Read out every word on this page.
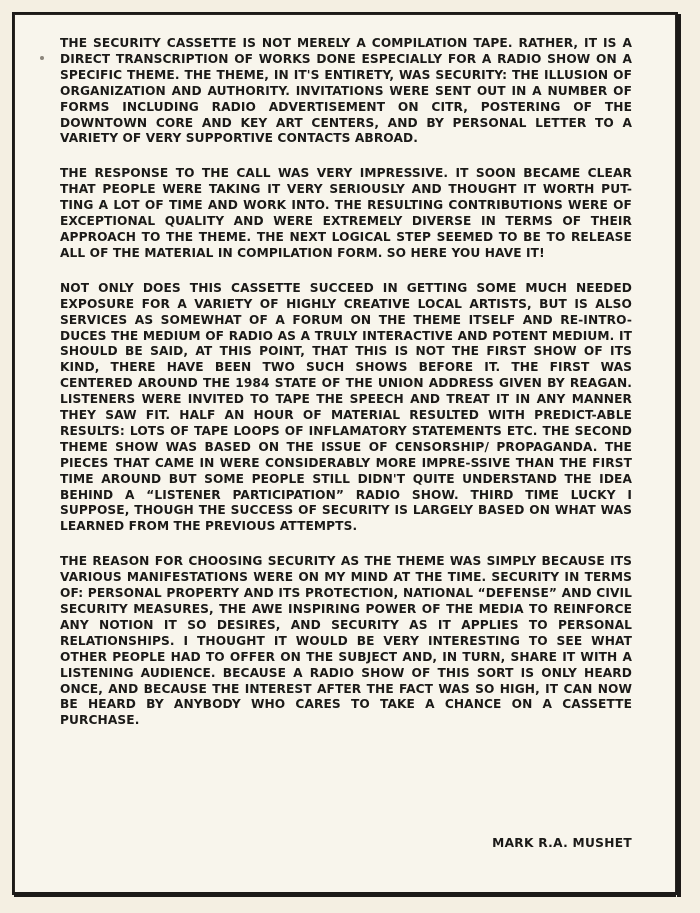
THE SECURITY CASSETTE IS NOT MERELY A COMPILATION TAPE. RATHER, IT IS A DIRECT TRANSCRIPTION OF WORKS DONE ESPECIALLY FOR A RADIO SHOW ON A SPECIFIC THEME. THE THEME, IN IT'S ENTIRETY, WAS SECURITY: THE ILLUSION OF ORGANIZATION AND AUTHORITY. INVITATIONS WERE SENT OUT IN A NUMBER OF FORMS INCLUDING RADIO ADVERTISEMENT ON CITR, POSTERING OF THE DOWNTOWN CORE AND KEY ART CENTERS, AND BY PERSONAL LETTER TO A VARIETY OF VERY SUPPORTIVE CONTACTS ABROAD.

THE RESPONSE TO THE CALL WAS VERY IMPRESSIVE. IT SOON BECAME CLEAR THAT PEOPLE WERE TAKING IT VERY SERIOUSLY AND THOUGHT IT WORTH PUT-TING A LOT OF TIME AND WORK INTO. THE RESULTING CONTRIBUTIONS WERE OF EXCEPTIONAL QUALITY AND WERE EXTREMELY DIVERSE IN TERMS OF THEIR APPROACH TO THE THEME. THE NEXT LOGICAL STEP SEEMED TO BE TO RELEASE ALL OF THE MATERIAL IN COMPILATION FORM. SO HERE YOU HAVE IT!

NOT ONLY DOES THIS CASSETTE SUCCEED IN GETTING SOME MUCH NEEDED EXPOSURE FOR A VARIETY OF HIGHLY CREATIVE LOCAL ARTISTS, BUT IS ALSO SERVICES AS SOMEWHAT OF A FORUM ON THE THEME ITSELF AND RE-INTRO-DUCES THE MEDIUM OF RADIO AS A TRULY INTERACTIVE AND POTENT MEDIUM. IT SHOULD BE SAID, AT THIS POINT, THAT THIS IS NOT THE FIRST SHOW OF ITS KIND, THERE HAVE BEEN TWO SUCH SHOWS BEFORE IT. THE FIRST WAS CENTERED AROUND THE 1984 STATE OF THE UNION ADDRESS GIVEN BY REAGAN. LISTENERS WERE INVITED TO TAPE THE SPEECH AND TREAT IT IN ANY MANNER THEY SAW FIT. HALF AN HOUR OF MATERIAL RESULTED WITH PREDICT-ABLE RESULTS: LOTS OF TAPE LOOPS OF INFLAMATORY STATEMENTS ETC. THE SECOND THEME SHOW WAS BASED ON THE ISSUE OF CENSORSHIP/ PROPAGANDA. THE PIECES THAT CAME IN WERE CONSIDERABLY MORE IMPRE-SSIVE THAN THE FIRST TIME AROUND BUT SOME PEOPLE STILL DIDN'T QUITE UNDERSTAND THE IDEA BEHIND A “LISTENER PARTICIPATION” RADIO SHOW. THIRD TIME LUCKY I SUPPOSE, THOUGH THE SUCCESS OF SECURITY IS LARGELY BASED ON WHAT WAS LEARNED FROM THE PREVIOUS ATTEMPTS.

THE REASON FOR CHOOSING SECURITY AS THE THEME WAS SIMPLY BECAUSE ITS VARIOUS MANIFESTATIONS WERE ON MY MIND AT THE TIME. SECURITY IN TERMS OF: PERSONAL PROPERTY AND ITS PROTECTION, NATIONAL “DEFENSE” AND CIVIL SECURITY MEASURES, THE AWE INSPIRING POWER OF THE MEDIA TO REINFORCE ANY NOTION IT SO DESIRES, AND SECURITY AS IT APPLIES TO PERSONAL RELATIONSHIPS. I THOUGHT IT WOULD BE VERY INTERESTING TO SEE WHAT OTHER PEOPLE HAD TO OFFER ON THE SUBJECT AND, IN TURN, SHARE IT WITH A LISTENING AUDIENCE. BECAUSE A RADIO SHOW OF THIS SORT IS ONLY HEARD ONCE, AND BECAUSE THE INTEREST AFTER THE FACT WAS SO HIGH, IT CAN NOW BE HEARD BY ANYBODY WHO CARES TO TAKE A CHANCE ON A CASSETTE PURCHASE.

MARK R.A. MUSHET
